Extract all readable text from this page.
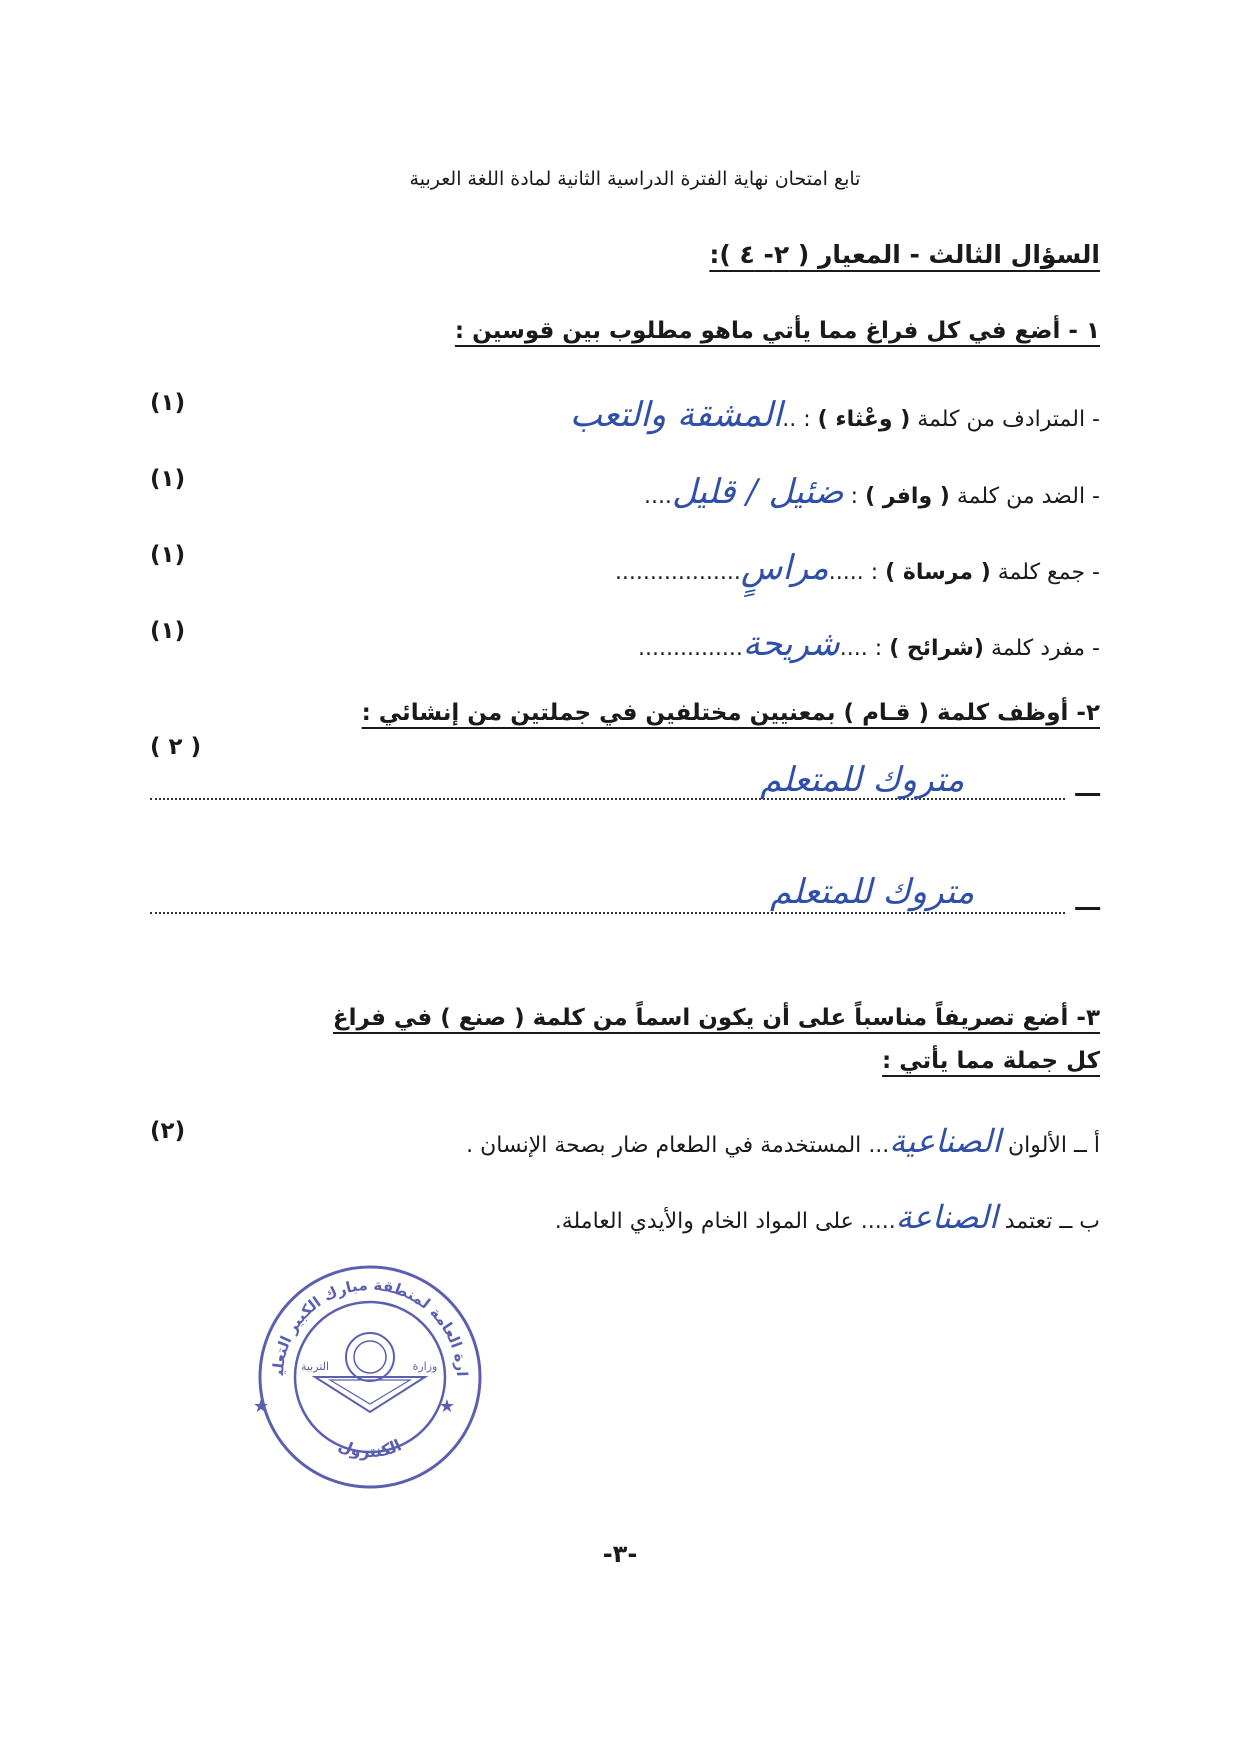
تابع امتحان نهاية الفترة الدراسية الثانية لمادة اللغة العربية
السؤال الثالث - المعيار ( ٢- ٤ ):
١ - أضع في كل فراغ مما يأتي ماهو مطلوب بين قوسين :
- المترادف من كلمة ( وعْثاء ) : ..المشقة والتعب
(١)
- الضد من كلمة ( وافر ) : ضئيل / قليل....
(١)
- جمع كلمة ( مرساة ) : .....مراسٍ..................
(١)
- مفرد كلمة (شرائح ) : ....شريحة...............
(١)
٢- أوظف كلمة ( قـام ) بمعنيين مختلفين في جملتين من إنشائي :
( ٢ )
ـــ
متروك للمتعلم
ـــ
متروك للمتعلم
٣- أضع تصريفاً مناسباً على أن يكون اسماً من كلمة ( صنع ) في فراغ
كل جملة مما يأتي :
(٢)
أ ــ الألوان الصناعية... المستخدمة في الطعام ضار بصحة الإنسان .
ب ــ تعتمد الصناعة..... على المواد الخام والأيدي العاملة.
ارة العامة لمنطقة مبارك الكبير التعلي
★	★
التربية	وزارة
الكنترول
-٣-
